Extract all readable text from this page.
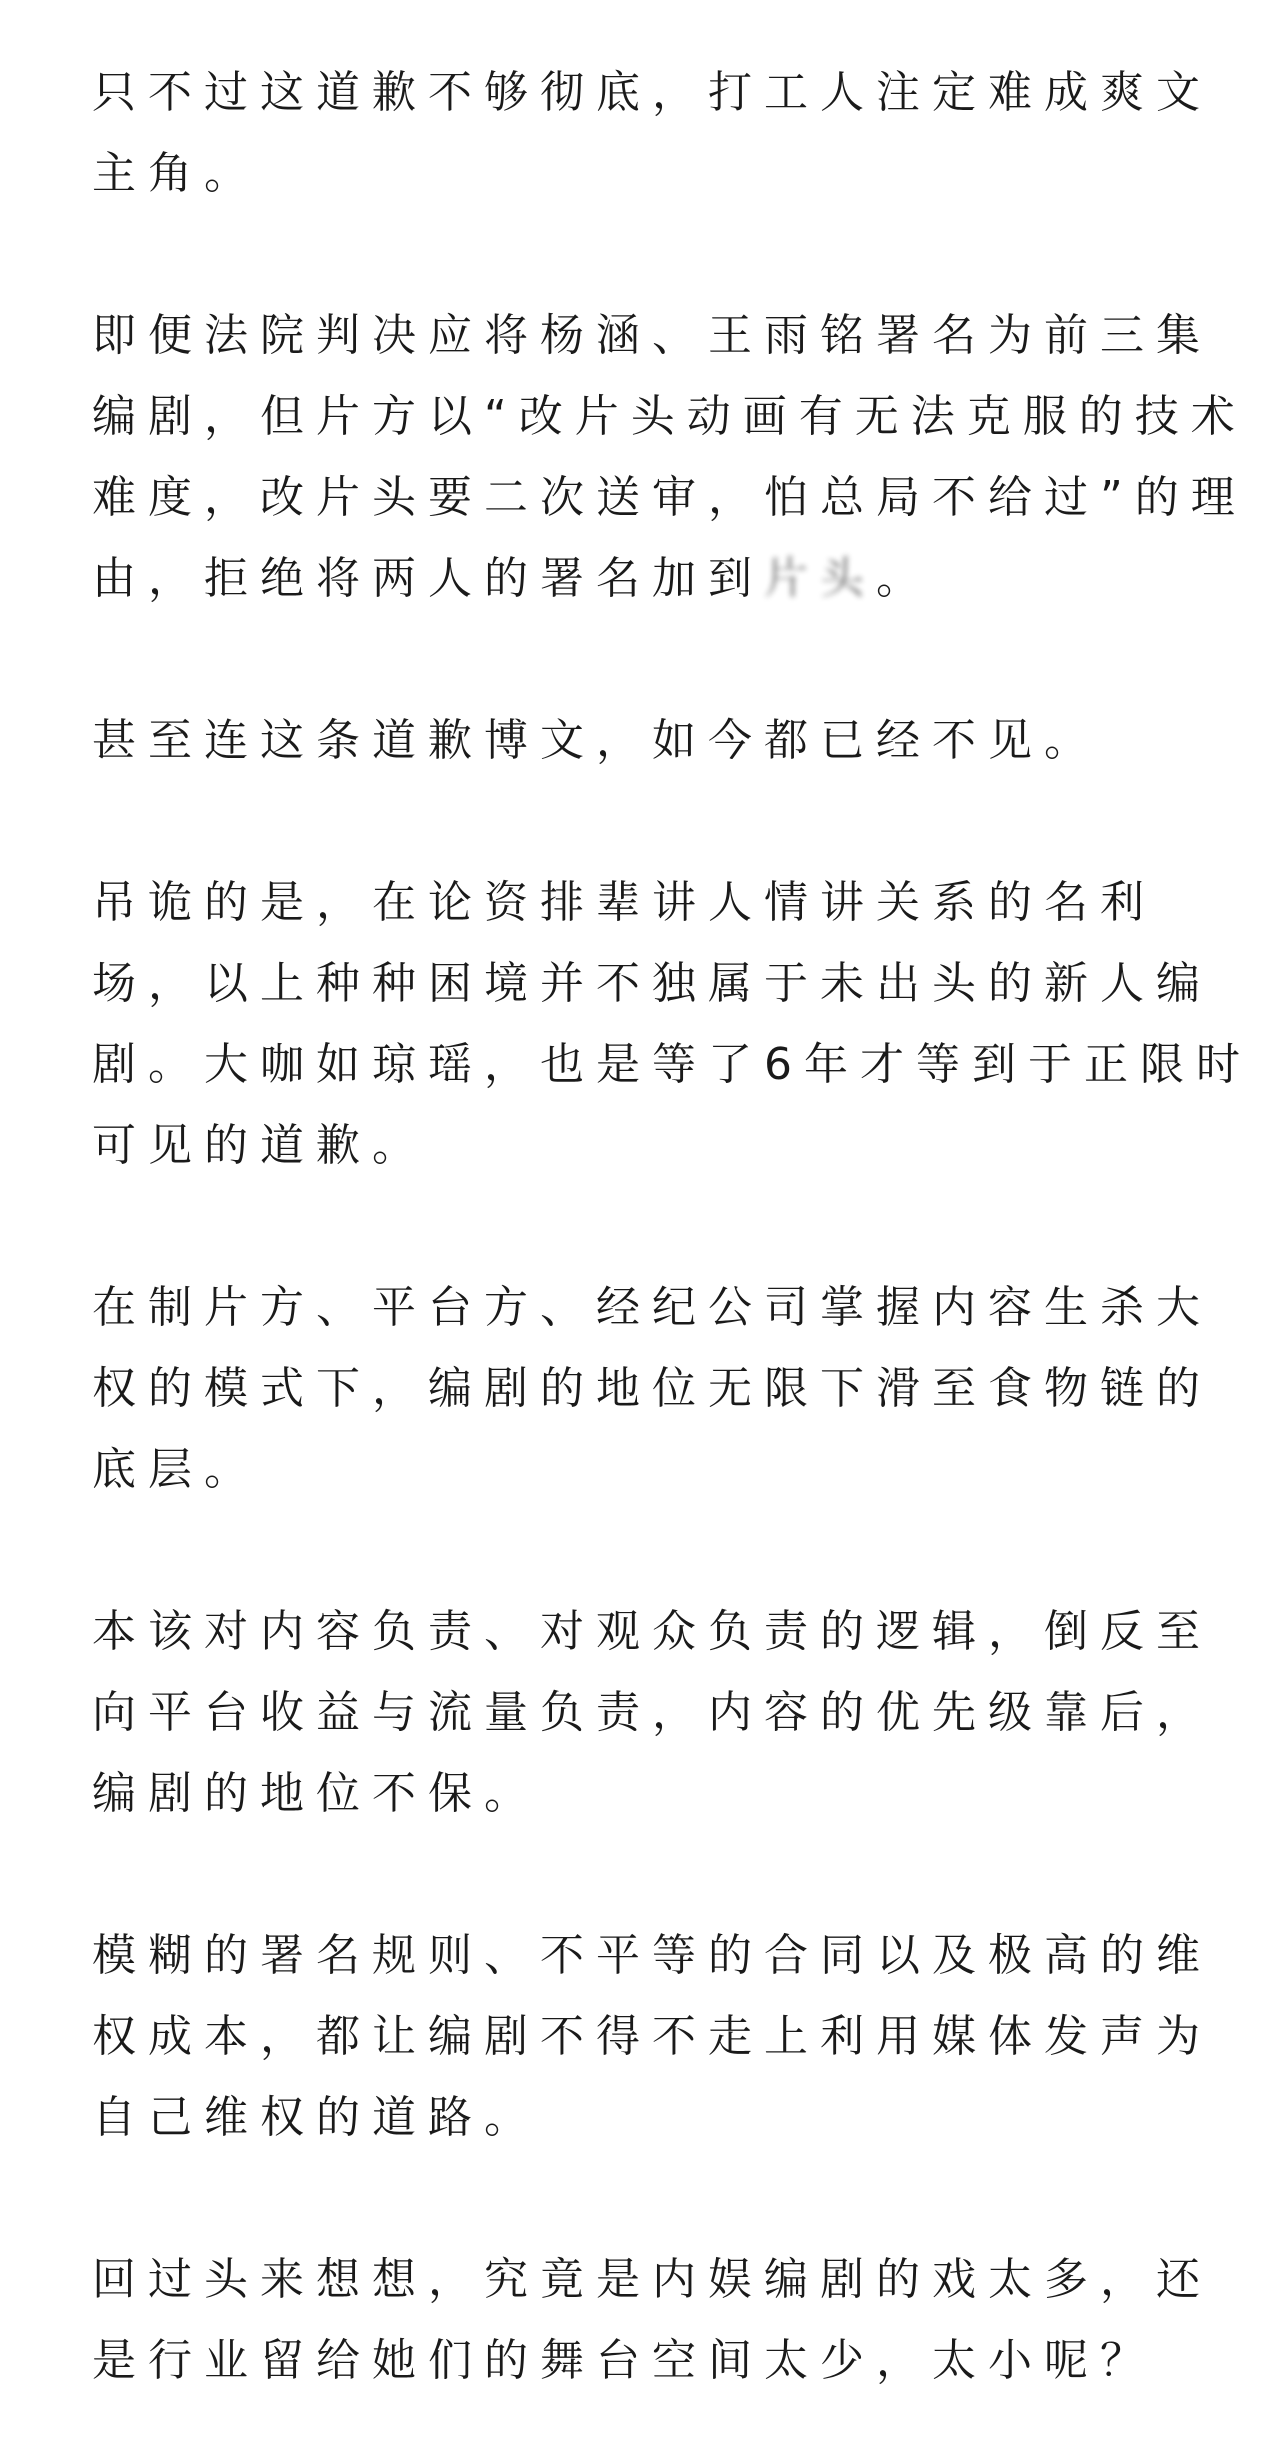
只不过这道歉不够彻底，打工人注定难成爽文
主角。

即便法院判决应将杨涵、王雨铭署名为前三集
编剧，但片方以“改片头动画有无法克服的技术
难度，改片头要二次送审，怕总局不给过”的理
由，拒绝将两人的署名加到片头。

甚至连这条道歉博文，如今都已经不见。

吊诡的是，在论资排辈讲人情讲关系的名利
场，以上种种困境并不独属于未出头的新人编
剧。大咖如琼瑶，也是等了6年才等到于正限时
可见的道歉。

在制片方、平台方、经纪公司掌握内容生杀大
权的模式下，编剧的地位无限下滑至食物链的
底层。

本该对内容负责、对观众负责的逻辑，倒反至
向平台收益与流量负责，内容的优先级靠后，
编剧的地位不保。

模糊的署名规则、不平等的合同以及极高的维
权成本，都让编剧不得不走上利用媒体发声为
自己维权的道路。

回过头来想想，究竟是内娱编剧的戏太多，还
是行业留给她们的舞台空间太少，太小呢？
